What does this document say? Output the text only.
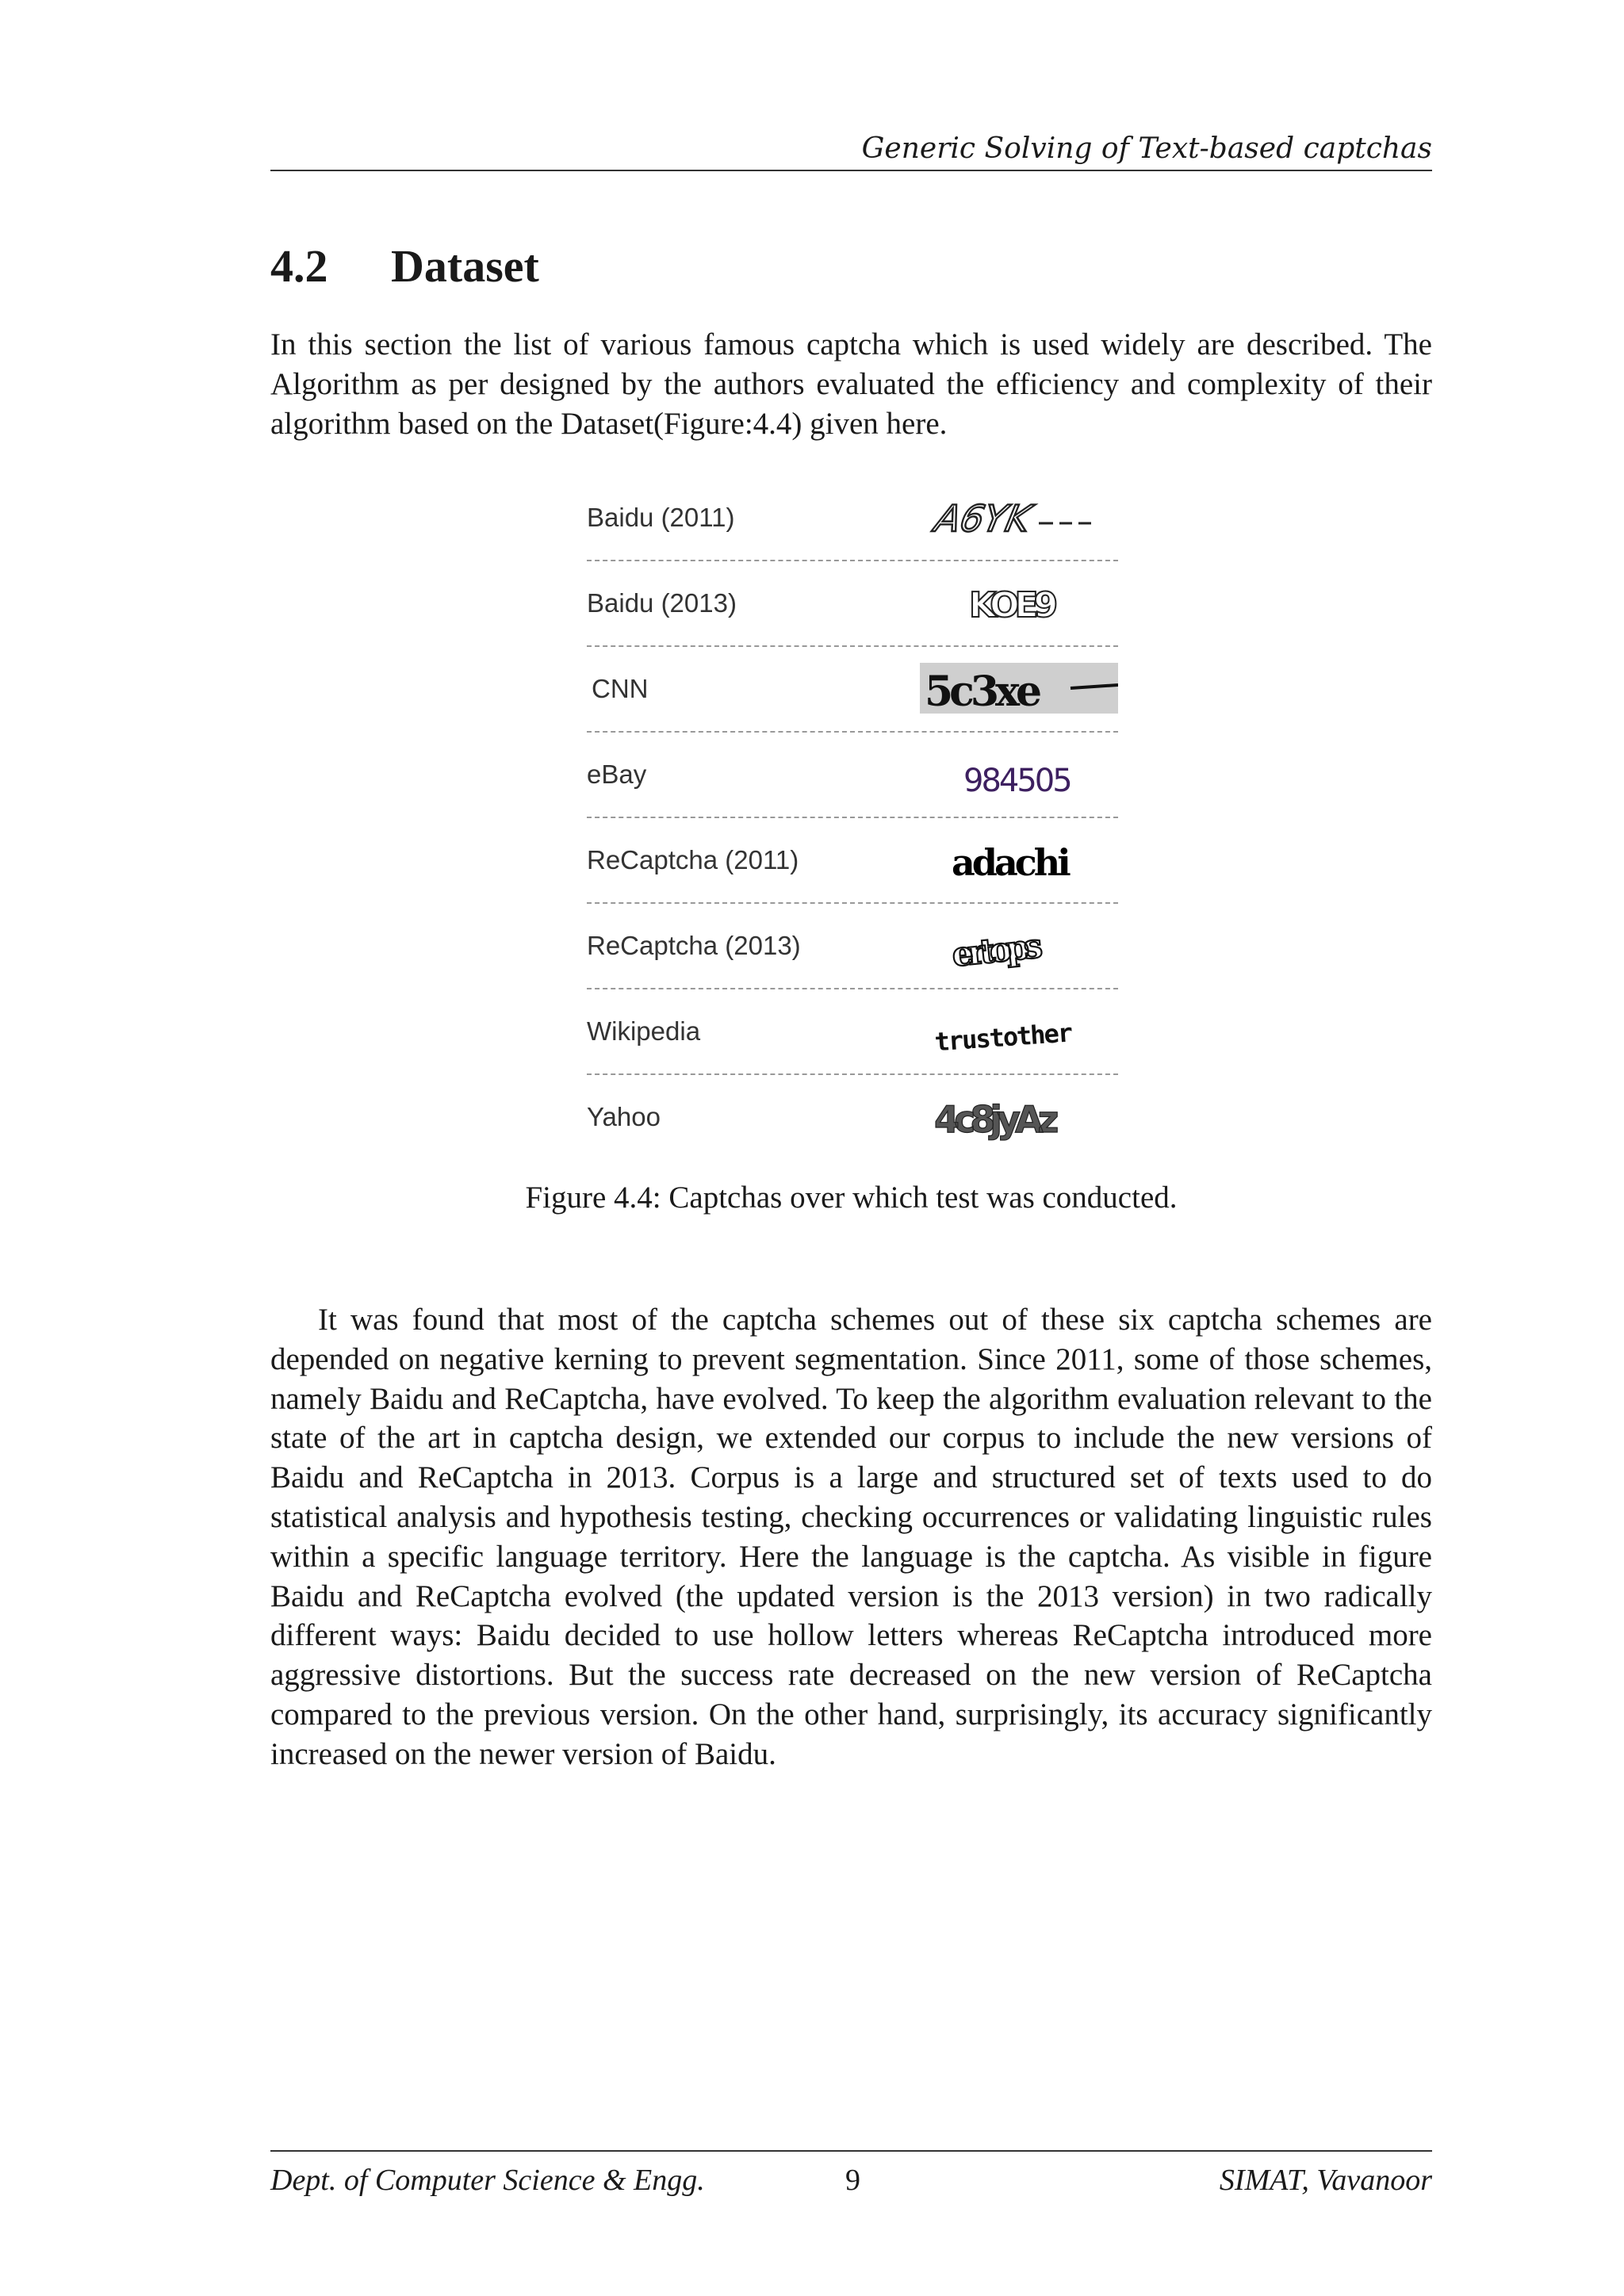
Generic Solving of Text-based captchas
4.2 Dataset

In this section the list of various famous captcha which is used widely are described. The Algorithm as per designed by the authors evaluated the efficiency and complexity of their algorithm based on the Dataset(Figure:4.4) given here.

Baidu (2011)	A6YK
Baidu (2013)	KOE9
CNN	5c3xe
eBay	984505
ReCaptcha (2011)	adachi
ReCaptcha (2013)	ertops
Wikipedia	trustother
Yahoo	4c8jyAz
Figure 4.4: Captchas over which test was conducted.

It was found that most of the captcha schemes out of these six captcha schemes are depended on negative kerning to prevent segmentation. Since 2011, some of those schemes, namely Baidu and ReCaptcha, have evolved. To keep the algorithm evaluation relevant to the state of the art in captcha design, we extended our corpus to include the new versions of Baidu and ReCaptcha in 2013. Corpus is a large and structured set of texts used to do statistical analysis and hypothesis testing, checking occurrences or validating linguistic rules within a specific language territory. Here the language is the captcha. As visible in figure Baidu and ReCaptcha evolved (the updated version is the 2013 version) in two radically different ways: Baidu decided to use hollow letters whereas ReCaptcha introduced more aggressive distortions. But the success rate decreased on the new version of ReCaptcha compared to the previous version. On the other hand, surprisingly, its accuracy significantly increased on the newer version of Baidu.

Dept. of Computer Science & Engg.	9	SIMAT, Vavanoor
